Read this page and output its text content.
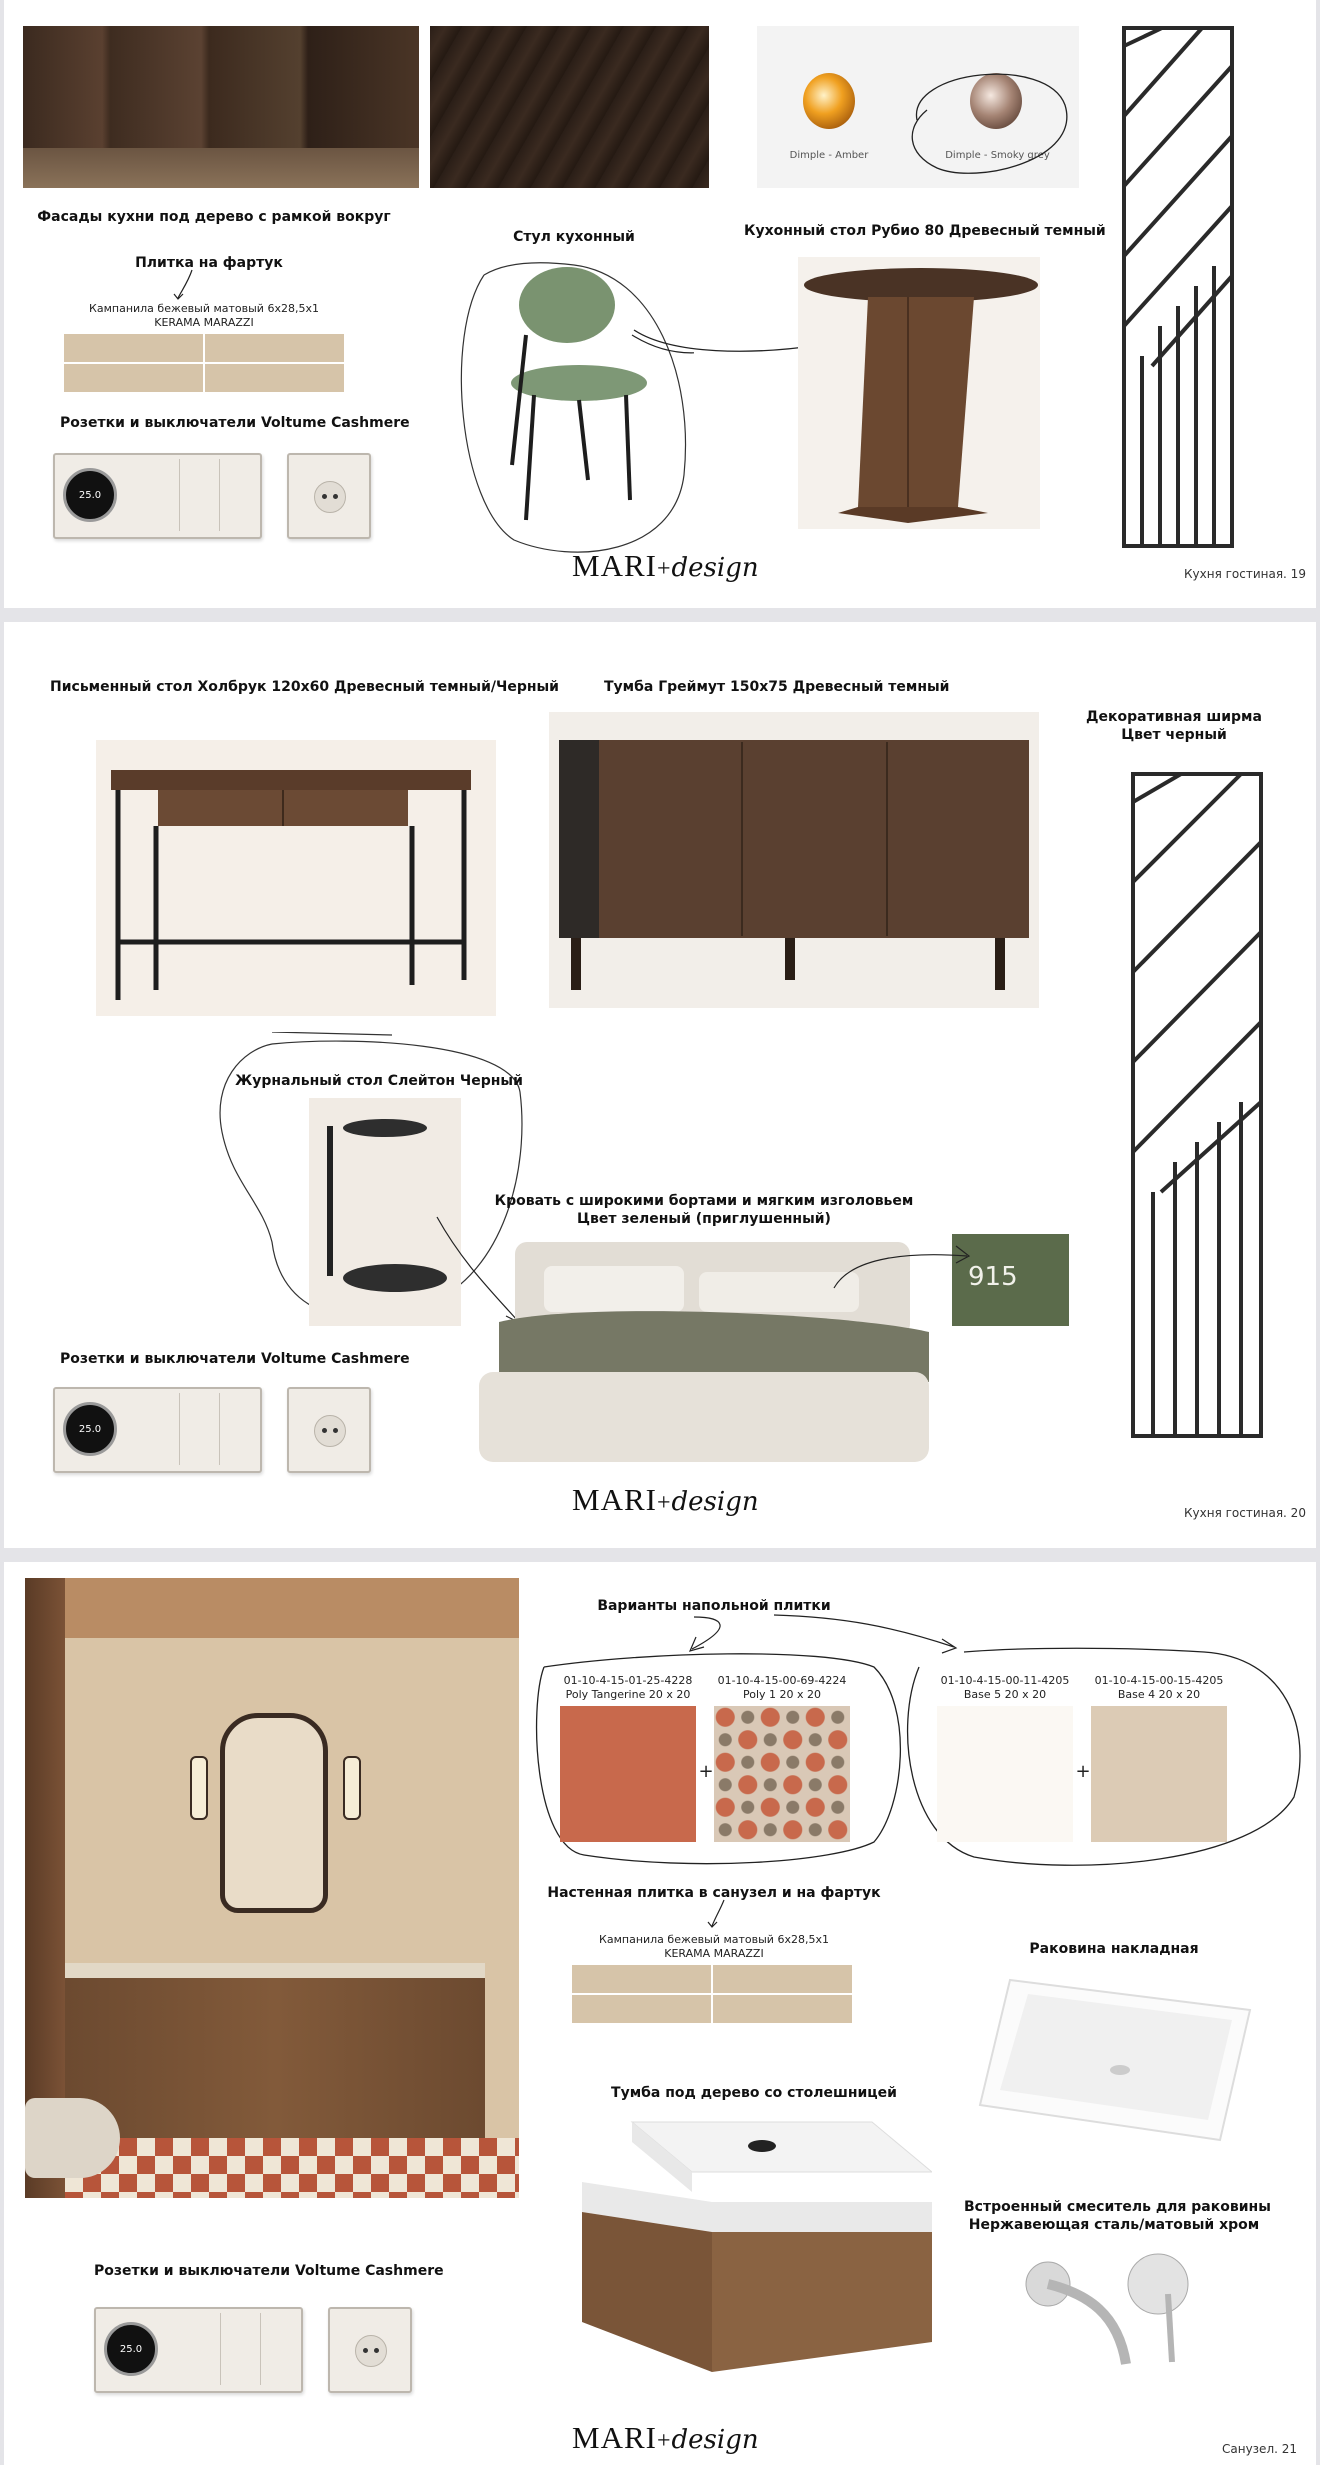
Dimple - Amber	Dimple - Smoky grey
Фасады кухни под дерево с рамкой вокруг
Плитка на фартук
Кампанила бежевый матовый 6x28,5x1
KERAMA MARAZZI
Розетки и выключатели Voltume Cashmere
25.0
Стул кухонный	Кухонный стол Рубио 80 Древесный темный
MARI+design	Кухня гостиная. 19
Письменный стол Холбрук 120х60 Древесный темный/Черный	Тумба Греймут 150х75 Древесный темный
Декоративная ширма
Цвет черный
Журнальный стол Слейтон Черный
Кровать с широкими бортами и мягким изголовьем
Цвет зеленый (приглушенный)
915
Розетки и выключатели Voltume Cashmere
25.0
MARI+design	Кухня гостиная. 20
Варианты напольной плитки
01-10-4-15-01-25-4228
Poly Tangerine 20 x 20
+
01-10-4-15-00-69-4224
Poly 1 20 x 20
01-10-4-15-00-11-4205
Base 5 20 x 20
+
01-10-4-15-00-15-4205
Base 4 20 x 20
Настенная плитка в санузел и на фартук
Кампанила бежевый матовый 6x28,5x1
KERAMA MARAZZI
Тумба под дерево со столешницей
Раковина накладная
Встроенный смеситель для раковины
Нержавеющая сталь/матовый хром
Розетки и выключатели Voltume Cashmere
25.0
MARI+design	Санузел. 21
